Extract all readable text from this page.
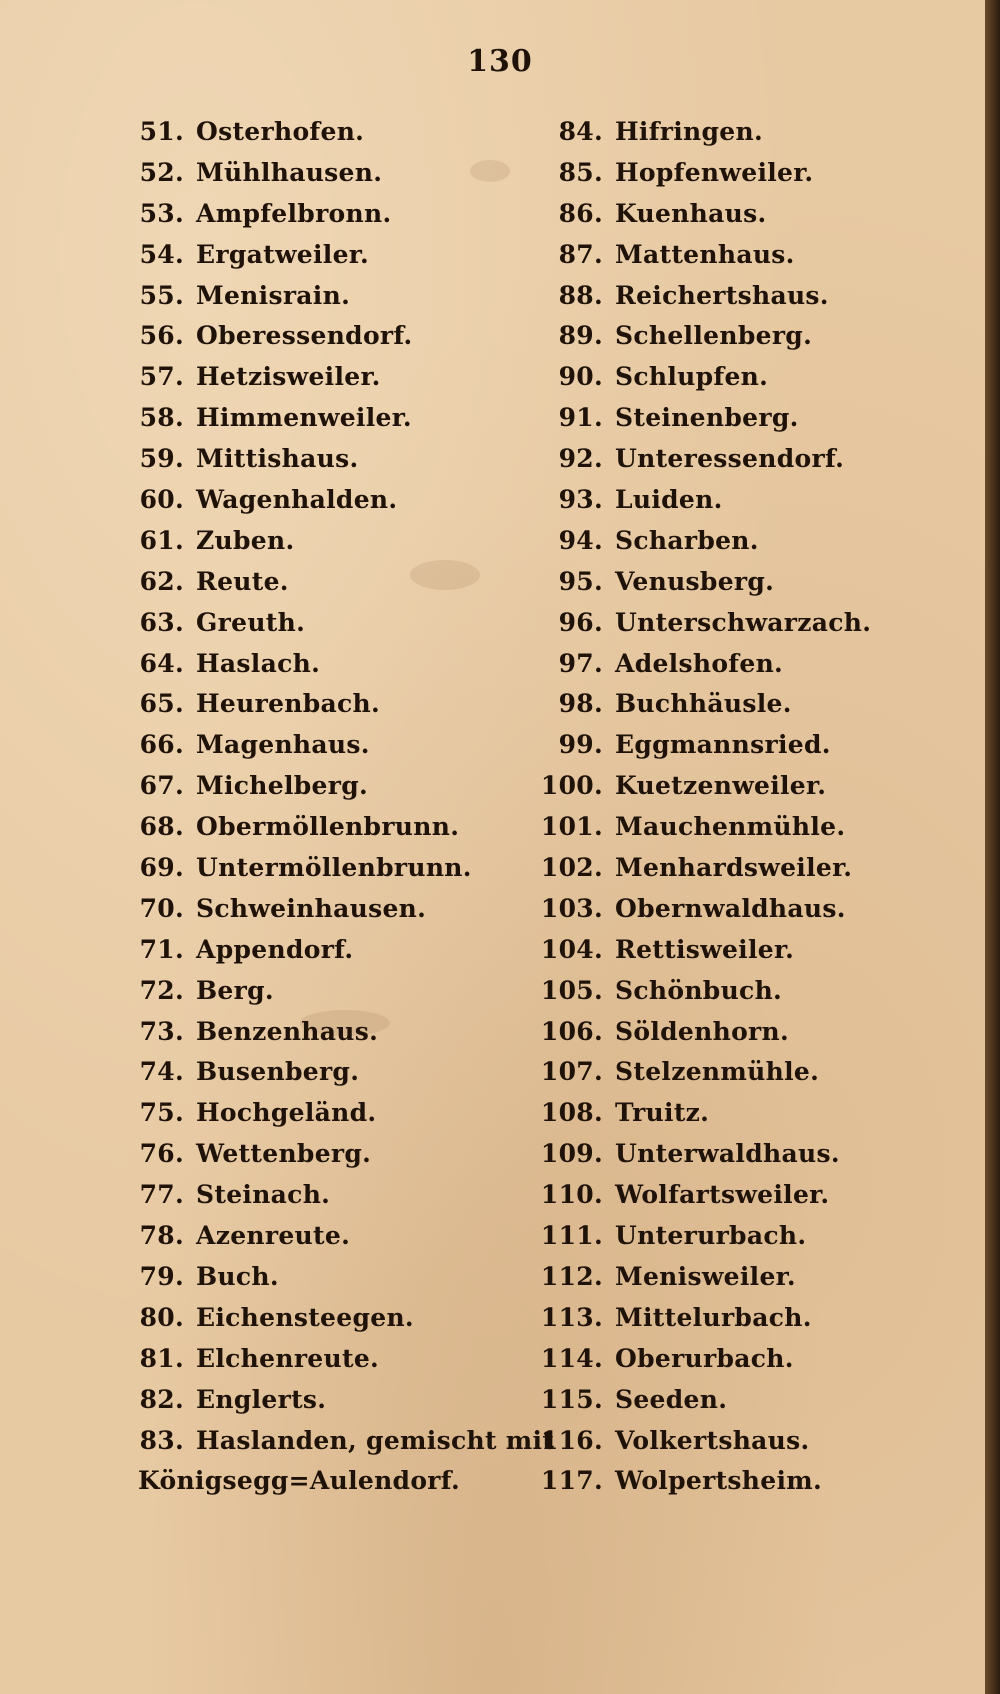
130
51. Osterhofen.
52. Mühlhausen.
53. Ampfelbronn.
54. Ergatweiler.
55. Menisrain.
56. Oberessendorf.
57. Hetzisweiler.
58. Himmenweiler.
59. Mittishaus.
60. Wagenhalden.
61. Zuben.
62. Reute.
63. Greuth.
64. Haslach.
65. Heurenbach.
66. Magenhaus.
67. Michelberg.
68. Obermöllenbrunn.
69. Untermöllenbrunn.
70. Schweinhausen.
71. Appendorf.
72. Berg.
73. Benzenhaus.
74. Busenberg.
75. Hochgeländ.
76. Wettenberg.
77. Steinach.
78. Azenreute.
79. Buch.
80. Eichensteegen.
81. Elchenreute.
82. Englerts.
83. Haslanden, gemischt mit
Königsegg=Aulendorf.
84. Hifringen.
85. Hopfenweiler.
86. Kuenhaus.
87. Mattenhaus.
88. Reichertshaus.
89. Schellenberg.
90. Schlupfen.
91. Steinenberg.
92. Unteressendorf.
93. Luiden.
94. Scharben.
95. Venusberg.
96. Unterschwarzach.
97. Adelshofen.
98. Buchhäusle.
99. Eggmannsried.
100. Kuetzenweiler.
101. Mauchenmühle.
102. Menhardsweiler.
103. Obernwaldhaus.
104. Rettisweiler.
105. Schönbuch.
106. Söldenhorn.
107. Stelzenmühle.
108. Truitz.
109. Unterwaldhaus.
110. Wolfartsweiler.
111. Unterurbach.
112. Menisweiler.
113. Mittelurbach.
114. Oberurbach.
115. Seeden.
116. Volkertshaus.
117. Wolpertsheim.
